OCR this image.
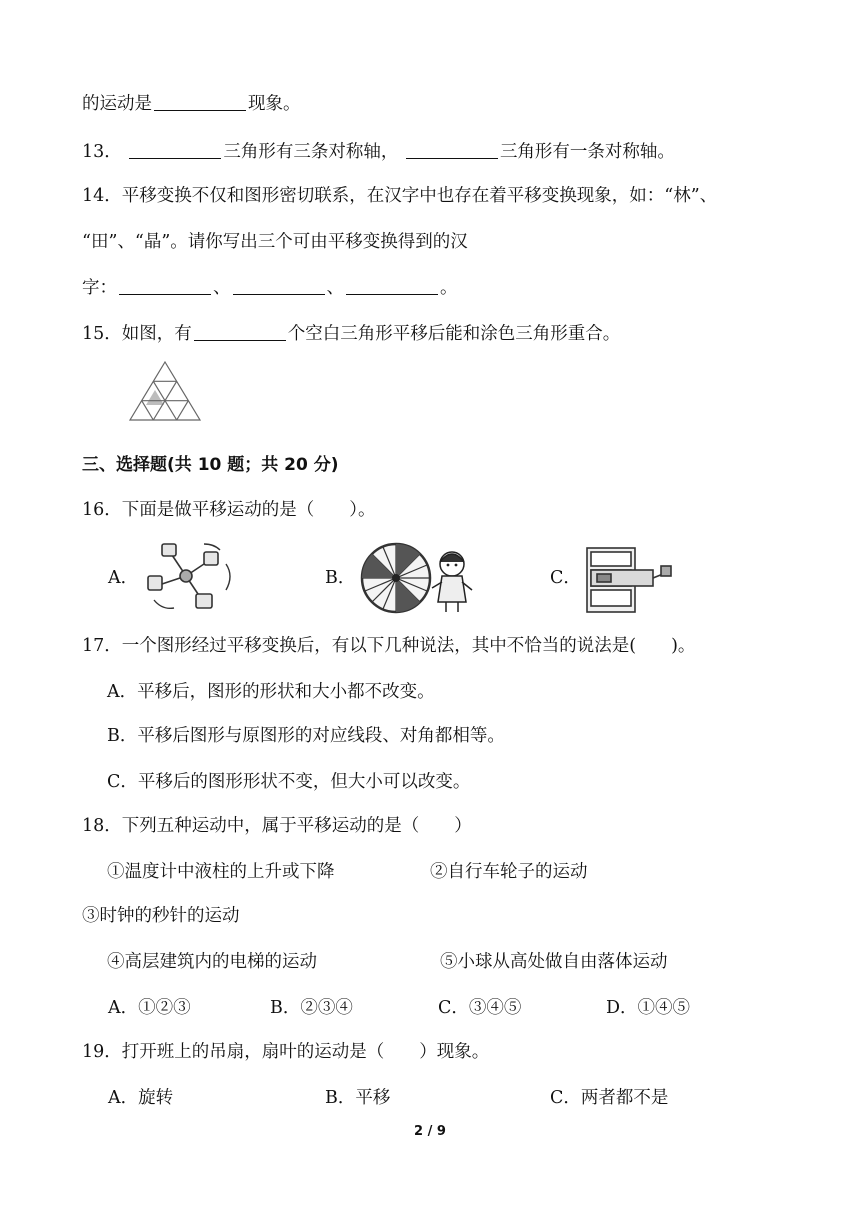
的运动是	现象。
13．	三角形有三条对称轴，	三角形有一条对称轴。
14．平移变换不仅和图形密切联系，在汉字中也存在着平移变换现象，如：“林”、
“田”、“晶”。请你写出三个可由平移变换得到的汉
字：	、	、	。
15．如图，有	个空白三角形平移后能和涂色三角形重合。
三、选择题(共 10 题；共 20 分)
16．下面是做平移运动的是（　　）。
A．	B．	C．
17．一个图形经过平移变换后，有以下几种说法，其中不恰当的说法是(　　)。
A．平移后，图形的形状和大小都不改变。
B．平移后图形与原图形的对应线段、对角都相等。
C．平移后的图形形状不变，但大小可以改变。
18．下列五种运动中，属于平移运动的是（　　）
①温度计中液柱的上升或下降	②自行车轮子的运动
③时钟的秒针的运动
④高层建筑内的电梯的运动	⑤小球从高处做自由落体运动
A．①②③	B．②③④	C．③④⑤	D．①④⑤
19．打开班上的吊扇，扇叶的运动是（　　）现象。
A．旋转	B．平移	C．两者都不是
2 / 9
